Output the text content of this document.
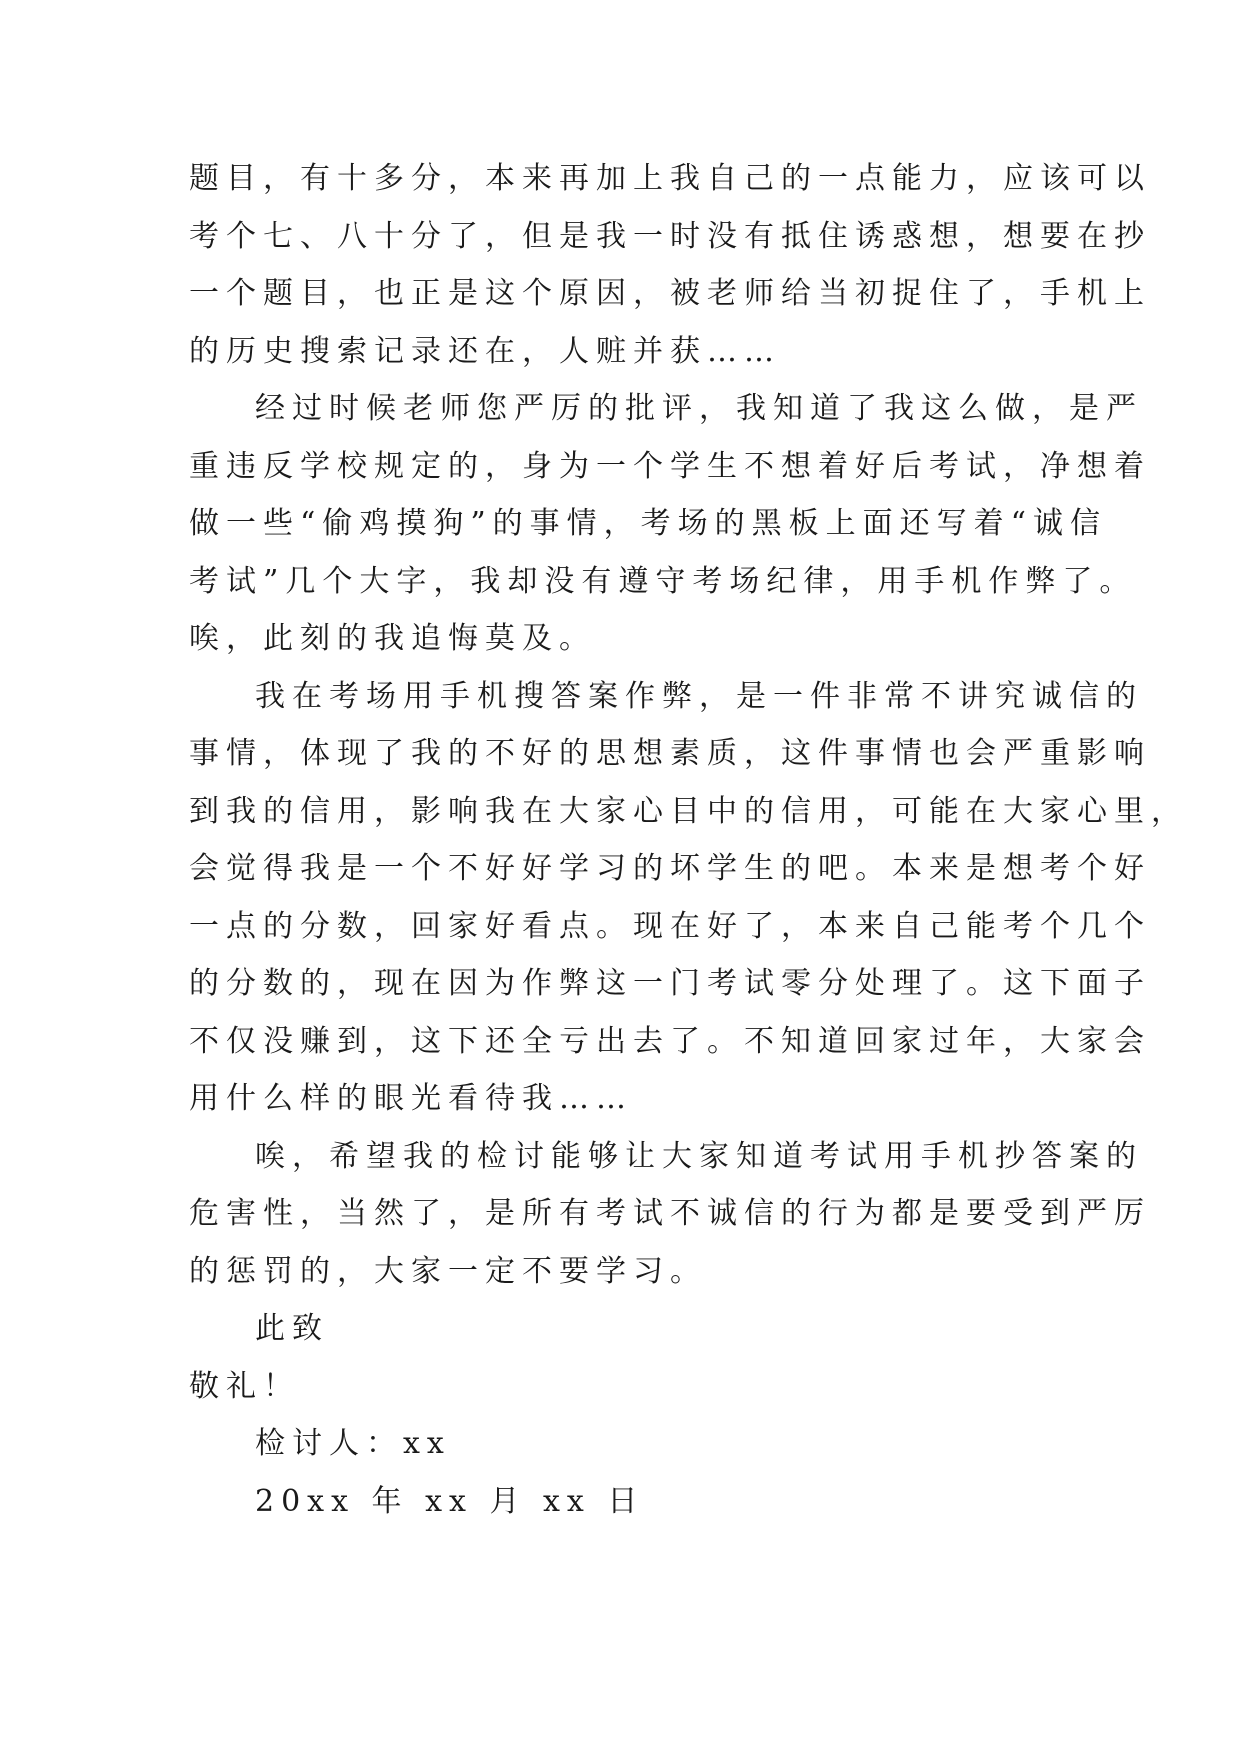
题目，有十多分，本来再加上我自己的一点能力，应该可以
考个七、八十分了，但是我一时没有抵住诱惑想，想要在抄
一个题目，也正是这个原因，被老师给当初捉住了，手机上
的历史搜索记录还在，人赃并获……
经过时候老师您严厉的批评，我知道了我这么做，是严
重违反学校规定的，身为一个学生不想着好后考试，净想着
做一些“偷鸡摸狗”的事情，考场的黑板上面还写着“诚信
考试”几个大字，我却没有遵守考场纪律，用手机作弊了。
唉，此刻的我追悔莫及。
我在考场用手机搜答案作弊，是一件非常不讲究诚信的
事情，体现了我的不好的思想素质，这件事情也会严重影响
到我的信用，影响我在大家心目中的信用，可能在大家心里，
会觉得我是一个不好好学习的坏学生的吧。本来是想考个好
一点的分数，回家好看点。现在好了，本来自己能考个几个
的分数的，现在因为作弊这一门考试零分处理了。这下面子
不仅没赚到，这下还全亏出去了。不知道回家过年，大家会
用什么样的眼光看待我……
唉，希望我的检讨能够让大家知道考试用手机抄答案的
危害性，当然了，是所有考试不诚信的行为都是要受到严厉
的惩罚的，大家一定不要学习。
此致
敬礼！
检讨人：xx
20xx 年 xx 月 xx 日
